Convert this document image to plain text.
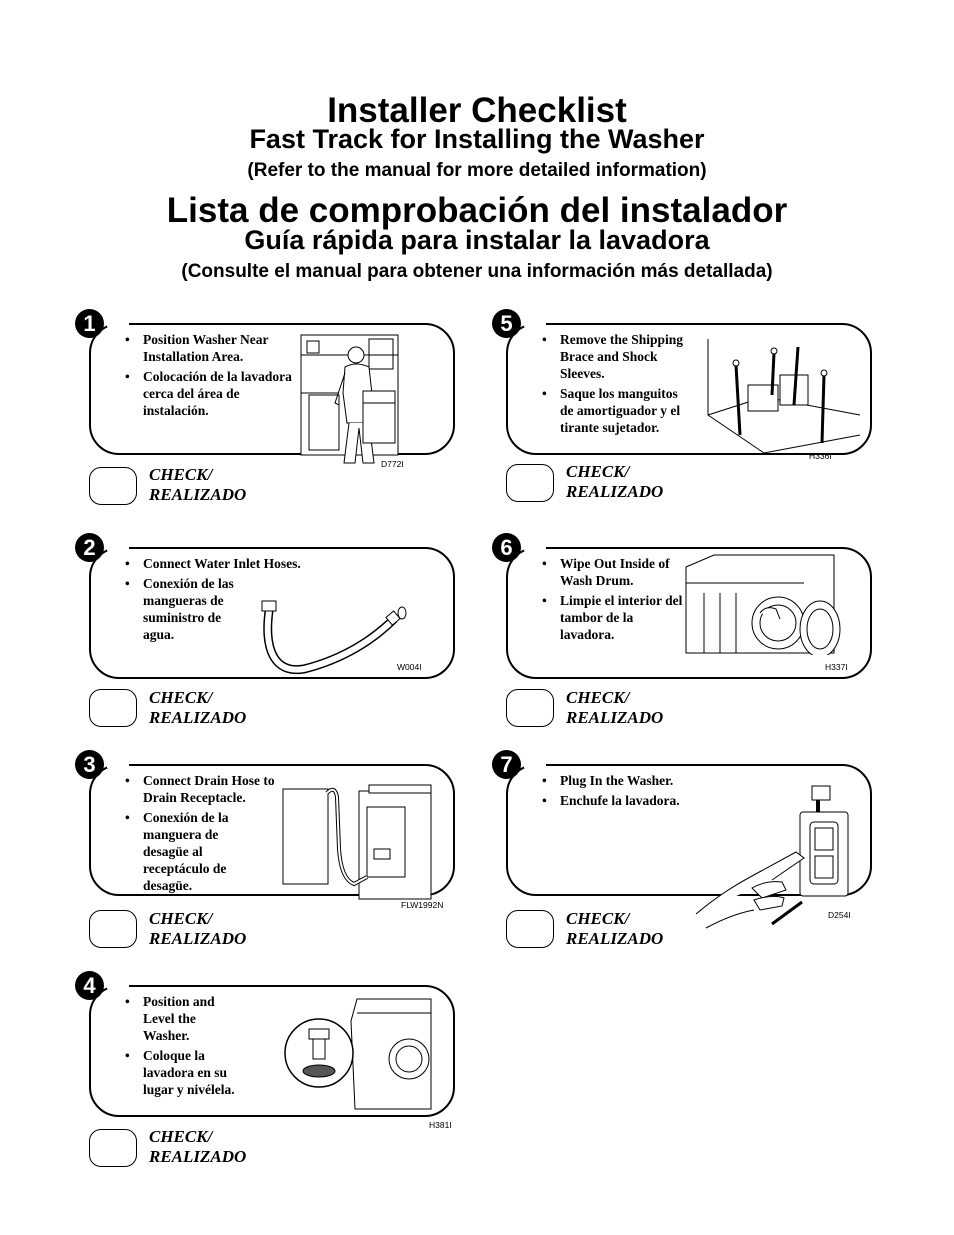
Installer Checklist
Fast Track for Installing the Washer
(Refer to the manual for more detailed information)
Lista de comprobación del instalador
Guía rápida para instalar la lavadora
(Consulte el manual para obtener una información más detallada)
1
• Position Washer Near Installation Area.
• Colocación de la lavadora cerca del área de instalación.
D772I
CHECK/
REALIZADO
2
• Connect Water Inlet Hoses.
• Conexión de las mangueras de suministro de agua.
W004I
CHECK/
REALIZADO
3
• Connect Drain Hose to Drain Receptacle.
• Conexión de la manguera de desagüe al receptáculo de desagüe.
FLW1992N
CHECK/
REALIZADO
4
• Position and Level the Washer.
• Coloque la lavadora en su lugar y nivélela.
H381I
CHECK/
REALIZADO
5
• Remove the Shipping Brace and Shock Sleeves.
• Saque los manguitos de amortiguador y el tirante sujetador.
H336I
CHECK/
REALIZADO
6
• Wipe Out Inside of Wash Drum.
• Limpie el interior del tambor de la lavadora.
H337I
CHECK/
REALIZADO
7
• Plug In the Washer.
• Enchufe la lavadora.
D254I
CHECK/
REALIZADO
